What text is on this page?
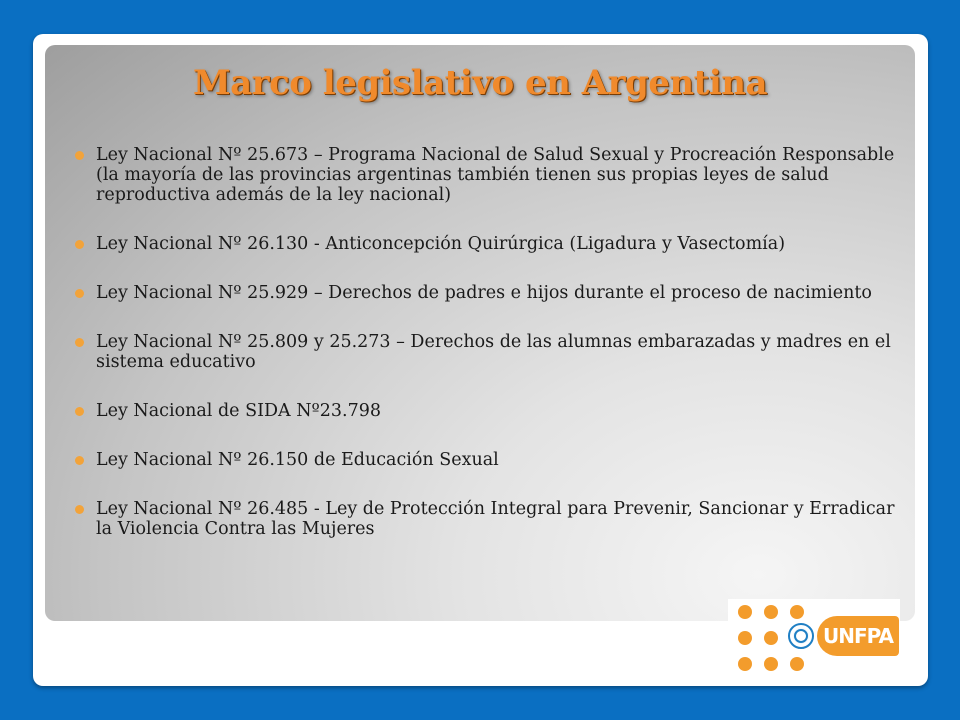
Marco legislativo en Argentina
Ley Nacional Nº 25.673 – Programa Nacional de Salud Sexual y Procreación Responsable (la mayoría de las provincias argentinas también tienen sus propias leyes de salud reproductiva además de la ley nacional)
Ley Nacional Nº 26.130 - Anticoncepción Quirúrgica (Ligadura y Vasectomía)
Ley Nacional Nº 25.929 – Derechos de padres e hijos durante el proceso de nacimiento
Ley Nacional Nº 25.809 y 25.273 – Derechos de las alumnas embarazadas y madres en el sistema educativo
Ley Nacional de SIDA Nº23.798
Ley Nacional Nº 26.150 de Educación Sexual
Ley Nacional Nº 26.485 - Ley de Protección Integral para Prevenir, Sancionar y Erradicar la Violencia Contra las Mujeres
UNFPA
